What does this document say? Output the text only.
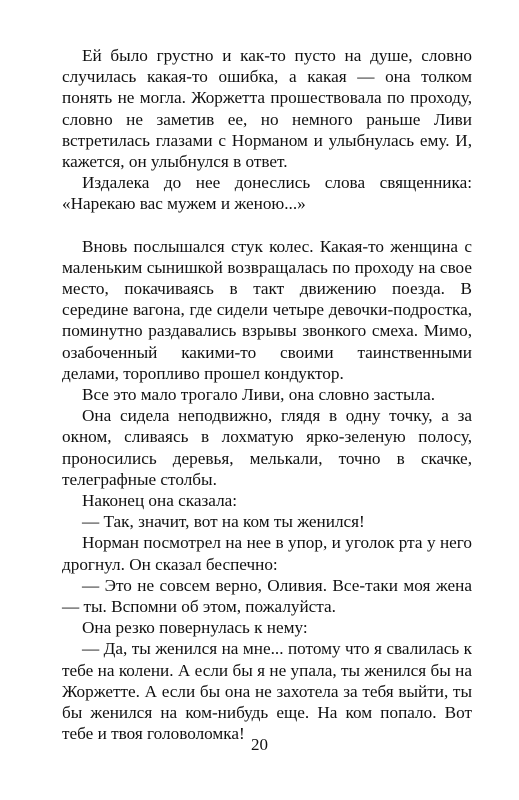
Ей было грустно и как-то пусто на душе, словно случилась какая-то ошибка, а какая — она толком понять не могла. Жоржетта прошествовала по проходу, словно не заметив ее, но немного раньше Ливи встретилась глазами с Норманом и улыбнулась ему. И, кажется, он улыбнулся в ответ.

Издалека до нее донеслись слова священника: «Нарекаю вас мужем и женою...»

Вновь послышался стук колес. Какая-то женщина с маленьким сынишкой возвращалась по проходу на свое место, покачиваясь в такт движению поезда. В середине вагона, где сидели четыре девочки-подростка, поминутно раздавались взрывы звонкого смеха. Мимо, озабоченный какими-то своими таинственными делами, торопливо прошел кондуктор.

Все это мало трогало Ливи, она словно застыла.

Она сидела неподвижно, глядя в одну точку, а за окном, сливаясь в лохматую ярко-зеленую полосу, проносились деревья, мелькали, точно в скачке, телеграфные столбы.

Наконец она сказала:

— Так, значит, вот на ком ты женился!

Норман посмотрел на нее в упор, и уголок рта у него дрогнул. Он сказал беспечно:

— Это не совсем верно, Оливия. Все-таки моя жена — ты. Вспомни об этом, пожалуйста.

Она резко повернулась к нему:

— Да, ты женился на мне... потому что я свалилась к тебе на колени. А если бы я не упала, ты женился бы на Жоржетте. А если бы она не захотела за тебя выйти, ты бы женился на ком-нибудь еще. На ком попало. Вот тебе и твоя головоломка!

20
